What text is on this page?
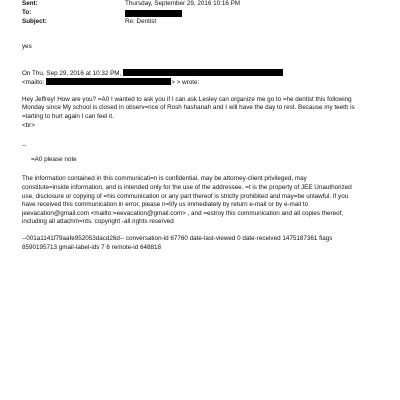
Sent:	Thursday, September 29, 2016 10:16 PM
To:
Subject:	Re: Dentist

yes

On Thu, Sep 29, 2016 at 10:32 PM,

<mailto:	> > wrote:

Hey Jeffrey! How are you? =A0 I wanted to ask you if I can ask Lesley can organize me go to =he dentist this following

Monday since My school is closed in observ=nce of Rosh hashanah and I will have the day to rest. Because my teeth is

=tarting to hurt again I can feel it.

<br>

--

=A0 please note

The information contained in this communicati=n is confidential, may be attorney-client privileged, may

constitute=inside information, and is intended only for the use of the addressee. =t is the property of JEE Unauthorized

use, disclosure or copying of =his communication or any part thereof is strictly prohibited and may=be unlawful. If you

have received this communication in error, please n=tify us immediately by return e-mail or by e-mail to

jeevacation@gmail.com <mailto:=eevacation@gmail.com> , and =estroy this communication and all copies thereof,

including all attachm=nts. copyright -all rights reserved

--001a1141f79aafe952053dacd26d-- conversation-id 67760 date-last-viewed 0 date-received 1475187361 flags

8590195713 gmail-label-ids 7 6 remote-id 648818
